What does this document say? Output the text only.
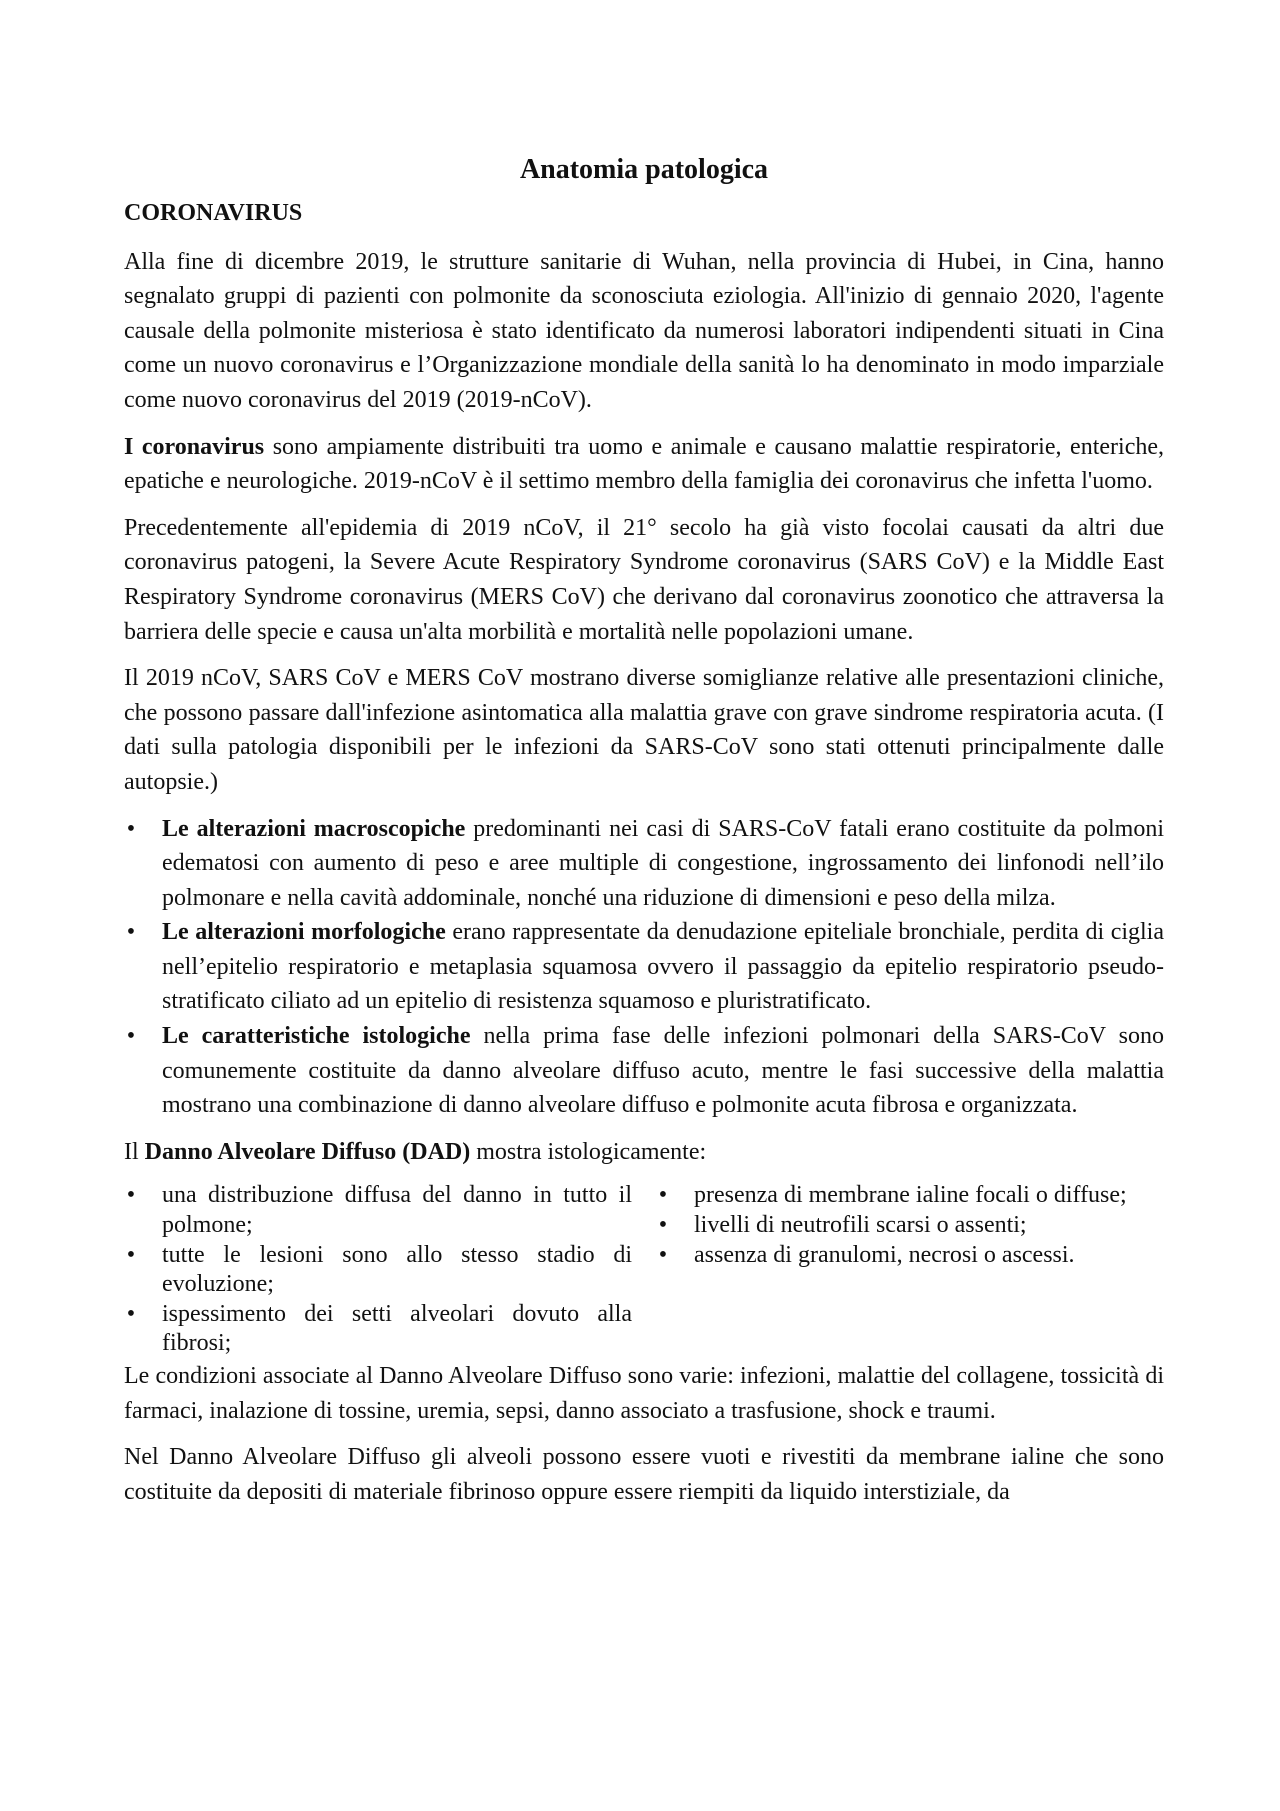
Anatomia patologica
CORONAVIRUS

Alla fine di dicembre 2019, le strutture sanitarie di Wuhan, nella provincia di Hubei, in Cina, hanno segnalato gruppi di pazienti con polmonite da sconosciuta eziologia. All'inizio di gennaio 2020, l'agente causale della polmonite misteriosa è stato identificato da numerosi laboratori indipendenti situati in Cina come un nuovo coronavirus e l’Organizzazione mondiale della sanità lo ha denominato in modo imparziale come nuovo coronavirus del 2019 (2019-nCoV).

I coronavirus sono ampiamente distribuiti tra uomo e animale e causano malattie respiratorie, enteriche, epatiche e neurologiche. 2019-nCoV è il settimo membro della famiglia dei coronavirus che infetta l'uomo.

Precedentemente all'epidemia di 2019 nCoV, il 21° secolo ha già visto focolai causati da altri due coronavirus patogeni, la Severe Acute Respiratory Syndrome coronavirus (SARS CoV) e la Middle East Respiratory Syndrome coronavirus (MERS CoV) che derivano dal coronavirus zoonotico che attraversa la barriera delle specie e causa un'alta morbilità e mortalità nelle popolazioni umane.

Il 2019 nCoV, SARS CoV e MERS CoV mostrano diverse somiglianze relative alle presentazioni cliniche, che possono passare dall'infezione asintomatica alla malattia grave con grave sindrome respiratoria acuta. (I dati sulla patologia disponibili per le infezioni da SARS-CoV sono stati ottenuti principalmente dalle autopsie.)

• Le alterazioni macroscopiche predominanti nei casi di SARS-CoV fatali erano costituite da polmoni edematosi con aumento di peso e aree multiple di congestione, ingrossamento dei linfonodi nell’ilo polmonare e nella cavità addominale, nonché una riduzione di dimensioni e peso della milza.
• Le alterazioni morfologiche erano rappresentate da denudazione epiteliale bronchiale, perdita di ciglia nell’epitelio respiratorio e metaplasia squamosa ovvero il passaggio da epitelio respiratorio pseudo-stratificato ciliato ad un epitelio di resistenza squamoso e pluristratificato.
• Le caratteristiche istologiche nella prima fase delle infezioni polmonari della SARS-CoV sono comunemente costituite da danno alveolare diffuso acuto, mentre le fasi successive della malattia mostrano una combinazione di danno alveolare diffuso e polmonite acuta fibrosa e organizzata.

Il Danno Alveolare Diffuso (DAD) mostra istologicamente:

• una distribuzione diffusa del danno in tutto il polmone;
• tutte le lesioni sono allo stesso stadio di evoluzione;
• ispessimento dei setti alveolari dovuto alla fibrosi;
• presenza di membrane ialine focali o diffuse;
• livelli di neutrofili scarsi o assenti;
• assenza di granulomi, necrosi o ascessi.

Le condizioni associate al Danno Alveolare Diffuso sono varie: infezioni, malattie del collagene, tossicità di farmaci, inalazione di tossine, uremia, sepsi, danno associato a trasfusione, shock e traumi.

Nel Danno Alveolare Diffuso gli alveoli possono essere vuoti e rivestiti da membrane ialine che sono costituite da depositi di materiale fibrinoso oppure essere riempiti da liquido interstiziale, da
